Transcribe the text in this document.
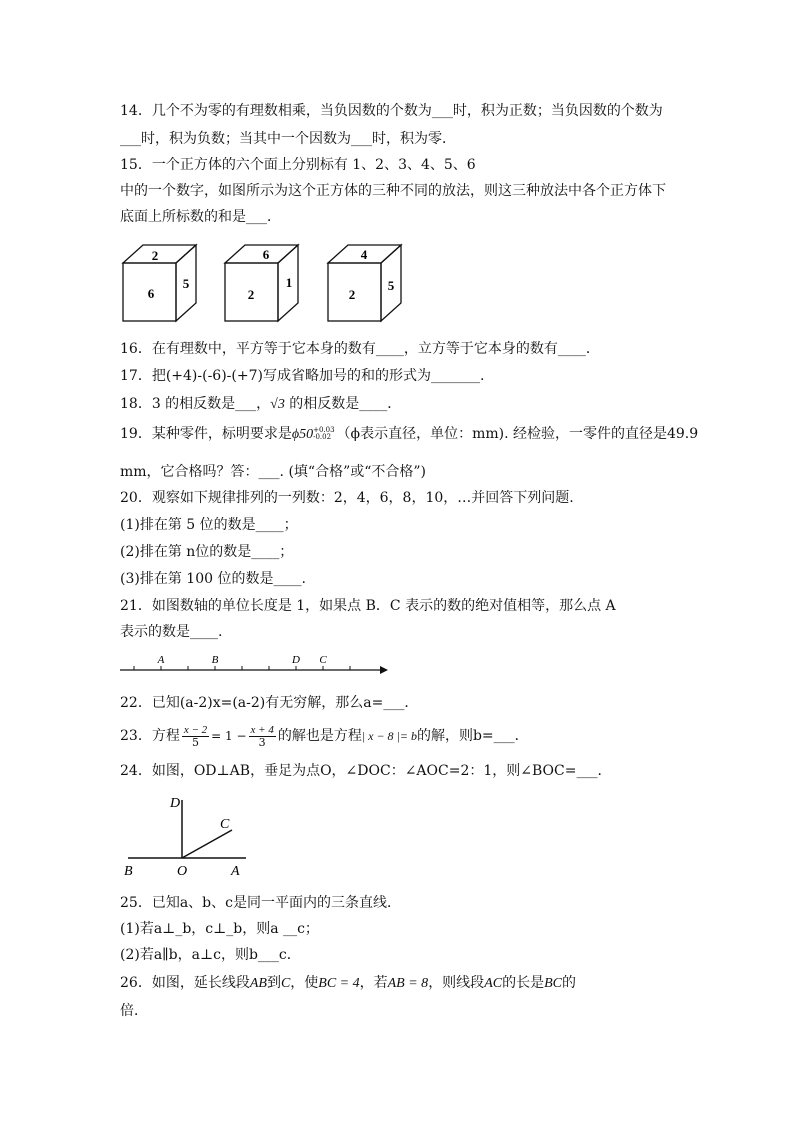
14．几个不为零的有理数相乘，当负因数的个数为___时，积为正数；当负因数的个数为
___时，积为负数；当其中一个因数为___时，积为零．
15．一个正方体的六个面上分别标有 1、2、3、4、5、6
中的一个数字，如图所示为这个正方体的三种不同的放法，则这三种放法中各个正方体下
底面上所标数的和是___．
2
6
5
6
2
1
4
2
5
16．在有理数中，平方等于它本身的数有____，立方等于它本身的数有____．
17．把(+4)-(-6)-(+7)写成省略加号的和的形式为_______.
18．3 的相反数是___，√3 的相反数是____．
19．某种零件，标明要求是ϕ50 +0.03
-0.02 （ϕ表示直径，单位：mm). 经检验，一零件的直径是49.9
mm，它合格吗？答：___. (填“合格”或“不合格”)
20．观察如下规律排列的一列数：2，4，6，8，10，…并回答下列问题.
(1)排在第 5 位的数是____；
(2)排在第 n位的数是____；
(3)排在第 100 位的数是____.
21．如图数轴的单位长度是 1，如果点 B．C 表示的数的绝对值相等，那么点 A
表示的数是____.
A	B	D C
22．已知(a-2)x=(a-2)有无穷解，那么a=___．
23．方程 $\frac{x - 2}{5} = 1 - \frac{x + 4}{3}$ 的解也是方程| x − 8 |= b的解，则b=___．
24．如图，OD⊥AB，垂足为点O，∠DOC：∠AOC=2：1，则∠BOC=___．
D
C
B	O	A
25．已知a、b、c是同一平面内的三条直线．
(1)若a⊥_b，c⊥_b，则a __c；
(2)若a∥b，a⊥c，则b___c．
26．如图，延长线段AB到C，使BC = 4，若AB = 8，则线段AC的长是BC的
倍．
